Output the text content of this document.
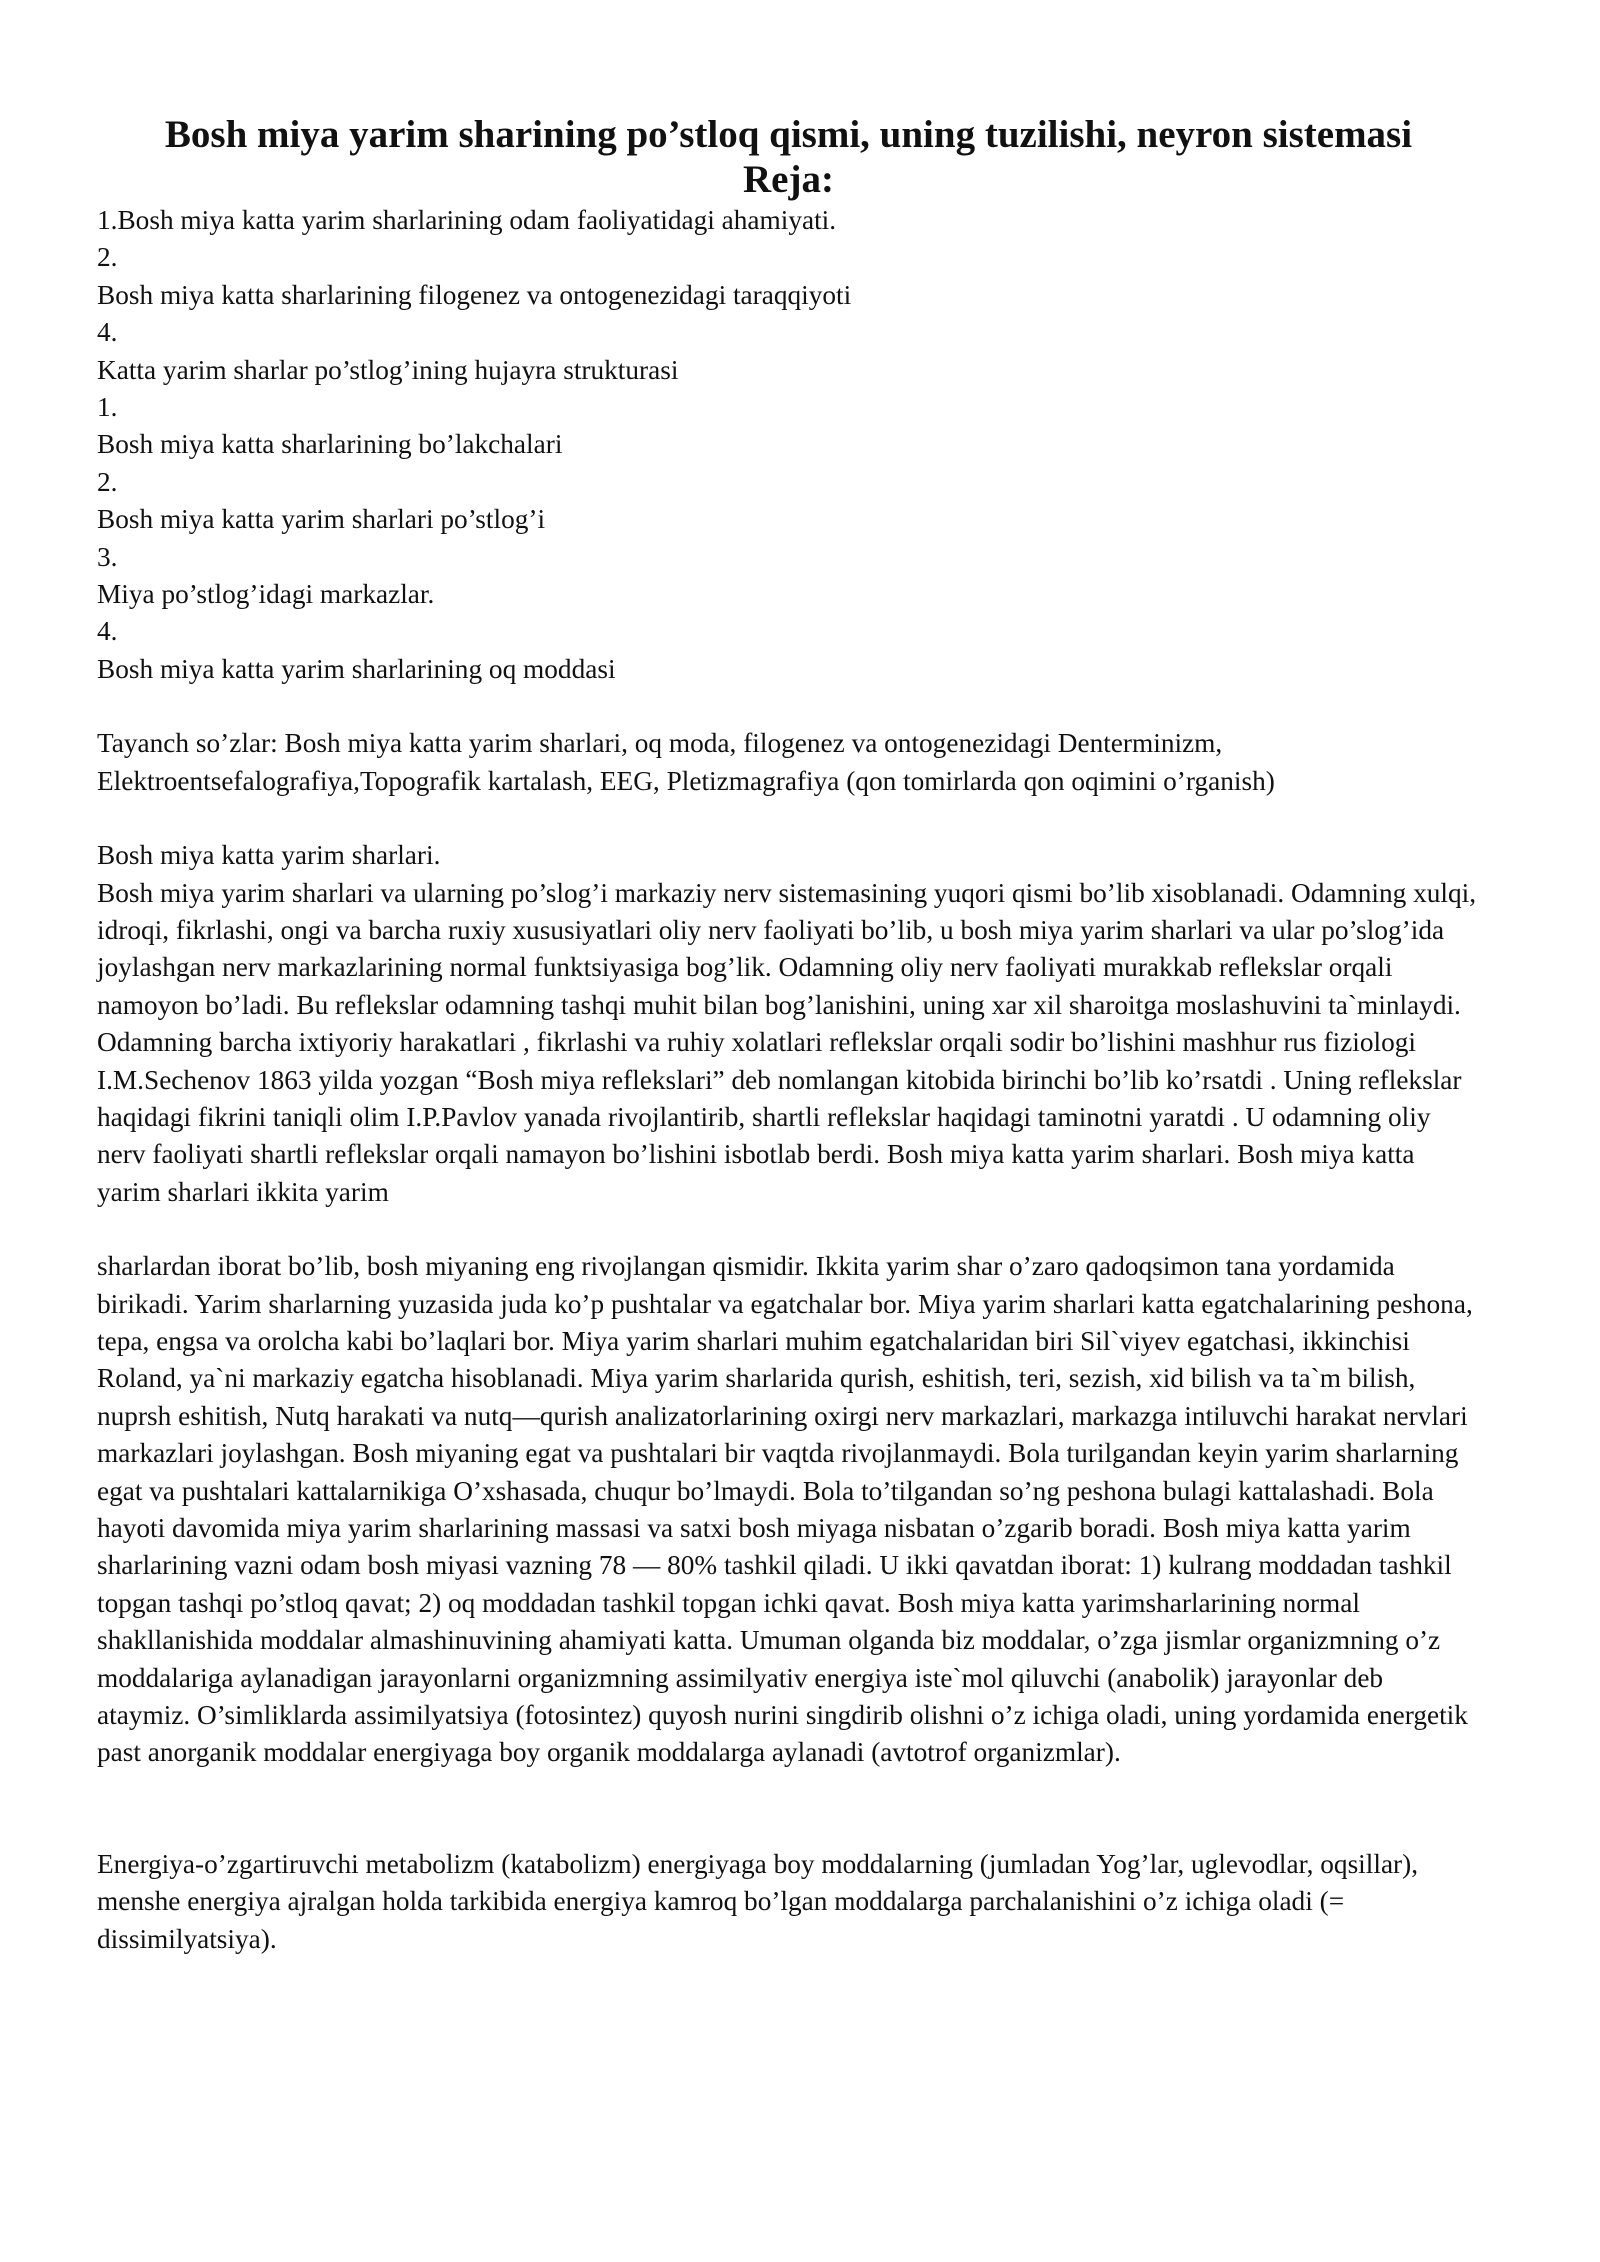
Bosh miya yarim sharining po’stloq qismi, uning tuzilishi, neyron sistemasi
Reja:
1.Bosh miya katta yarim sharlarining odam faoliyatidagi ahamiyati.
2.
Bosh miya katta sharlarining filogenez va ontogenezidagi taraqqiyoti
4.
Katta yarim sharlar po’stlog’ining hujayra strukturasi
1.
Bosh miya katta sharlarining bo’lakchalari
2.
Bosh miya katta yarim sharlari po’stlog’i
3.
Miya po’stlog’idagi markazlar.
4.
Bosh miya katta yarim sharlarining oq moddasi

Tayanch so’zlar: Bosh miya katta yarim sharlari, oq moda, filogenez va ontogenezidagi Denterminizm, Elektroentsefalografiya,Topografik kartalash, EEG, Pletizmagrafiya (qon tomirlarda qon oqimini o’rganish)

Bosh miya katta yarim sharlari.

Bosh miya yarim sharlari va ularning po’slog’i markaziy nerv sistemasining yuqori qismi bo’lib xisoblanadi. Odamning xulqi, idroqi, fikrlashi, ongi va barcha ruxiy xususiyatlari oliy nerv faoliyati bo’lib, u bosh miya yarim sharlari va ular po’slog’ida joylashgan nerv markazlarining normal funktsiyasiga bog’lik. Odamning oliy nerv faoliyati murakkab reflekslar orqali namoyon bo’ladi. Bu reflekslar odamning tashqi muhit bilan bog’lanishini, uning xar xil sharoitga moslashuvini ta`minlaydi. Odamning barcha ixtiyoriy harakatlari , fikrlashi va ruhiy xolatlari reflekslar orqali sodir bo’lishini mashhur rus fiziologi I.M.Sechenov 1863 yilda yozgan “Bosh miya reflekslari” deb nomlangan kitobida birinchi bo’lib ko’rsatdi . Uning reflekslar haqidagi fikrini taniqli olim I.P.Pavlov yanada rivojlantirib, shartli reflekslar haqidagi taminotni yaratdi . U odamning oliy nerv faoliyati shartli reflekslar orqali namayon bo’lishini isbotlab berdi. Bosh miya katta yarim sharlari. Bosh miya katta yarim sharlari ikkita yarim

sharlardan iborat bo’lib, bosh miyaning eng rivojlangan qismidir. Ikkita yarim shar o’zaro qadoqsimon tana yordamida birikadi. Yarim sharlarning yuzasida juda ko’p pushtalar va egatchalar bor. Miya yarim sharlari katta egatchalarining peshona, tepa, engsa va orolcha kabi bo’laqlari bor. Miya yarim sharlari muhim egatchalaridan biri Sil`viyev egatchasi, ikkinchisi Roland, ya`ni markaziy egatcha hisoblanadi. Miya yarim sharlarida qurish, eshitish, teri, sezish, xid bilish va ta`m bilish, nuprsh eshitish, Nutq harakati va nutq—qurish analizatorlarining oxirgi nerv markazlari, markazga intiluvchi harakat nervlari markazlari joylashgan. Bosh miyaning egat va pushtalari bir vaqtda rivojlanmaydi. Bola turilgandan keyin yarim sharlarning egat va pushtalari kattalarnikiga O’xshasada, chuqur bo’lmaydi. Bola to’tilgandan so’ng peshona bulagi kattalashadi. Bola hayoti davomida miya yarim sharlarining massasi va satxi bosh miyaga nisbatan o’zgarib boradi. Bosh miya katta yarim sharlarining vazni odam bosh miyasi vazning 78 — 80% tashkil qiladi. U ikki qavatdan iborat: 1) kulrang moddadan tashkil topgan tashqi po’stloq qavat; 2) oq moddadan tashkil topgan ichki qavat. Bosh miya katta yarimsharlarining normal shakllanishida moddalar almashinuvining ahamiyati katta. Umuman olganda biz moddalar, o’zga jismlar organizmning o’z moddalariga aylanadigan jarayonlarni organizmning assimilyativ energiya iste`mol qiluvchi (anabolik) jarayonlar deb ataymiz. O’simliklarda assimilyatsiya (fotosintez) quyosh nurini singdirib olishni o’z ichiga oladi, uning yordamida energetik past anorganik moddalar energiyaga boy organik moddalarga aylanadi (avtotrof organizmlar).

Energiya-o’zgartiruvchi metabolizm (katabolizm) energiyaga boy moddalarning (jumladan Yog’lar, uglevodlar, oqsillar), menshe energiya ajralgan holda tarkibida energiya kamroq bo’lgan moddalarga parchalanishini o’z ichiga oladi (= dissimilyatsiya).
